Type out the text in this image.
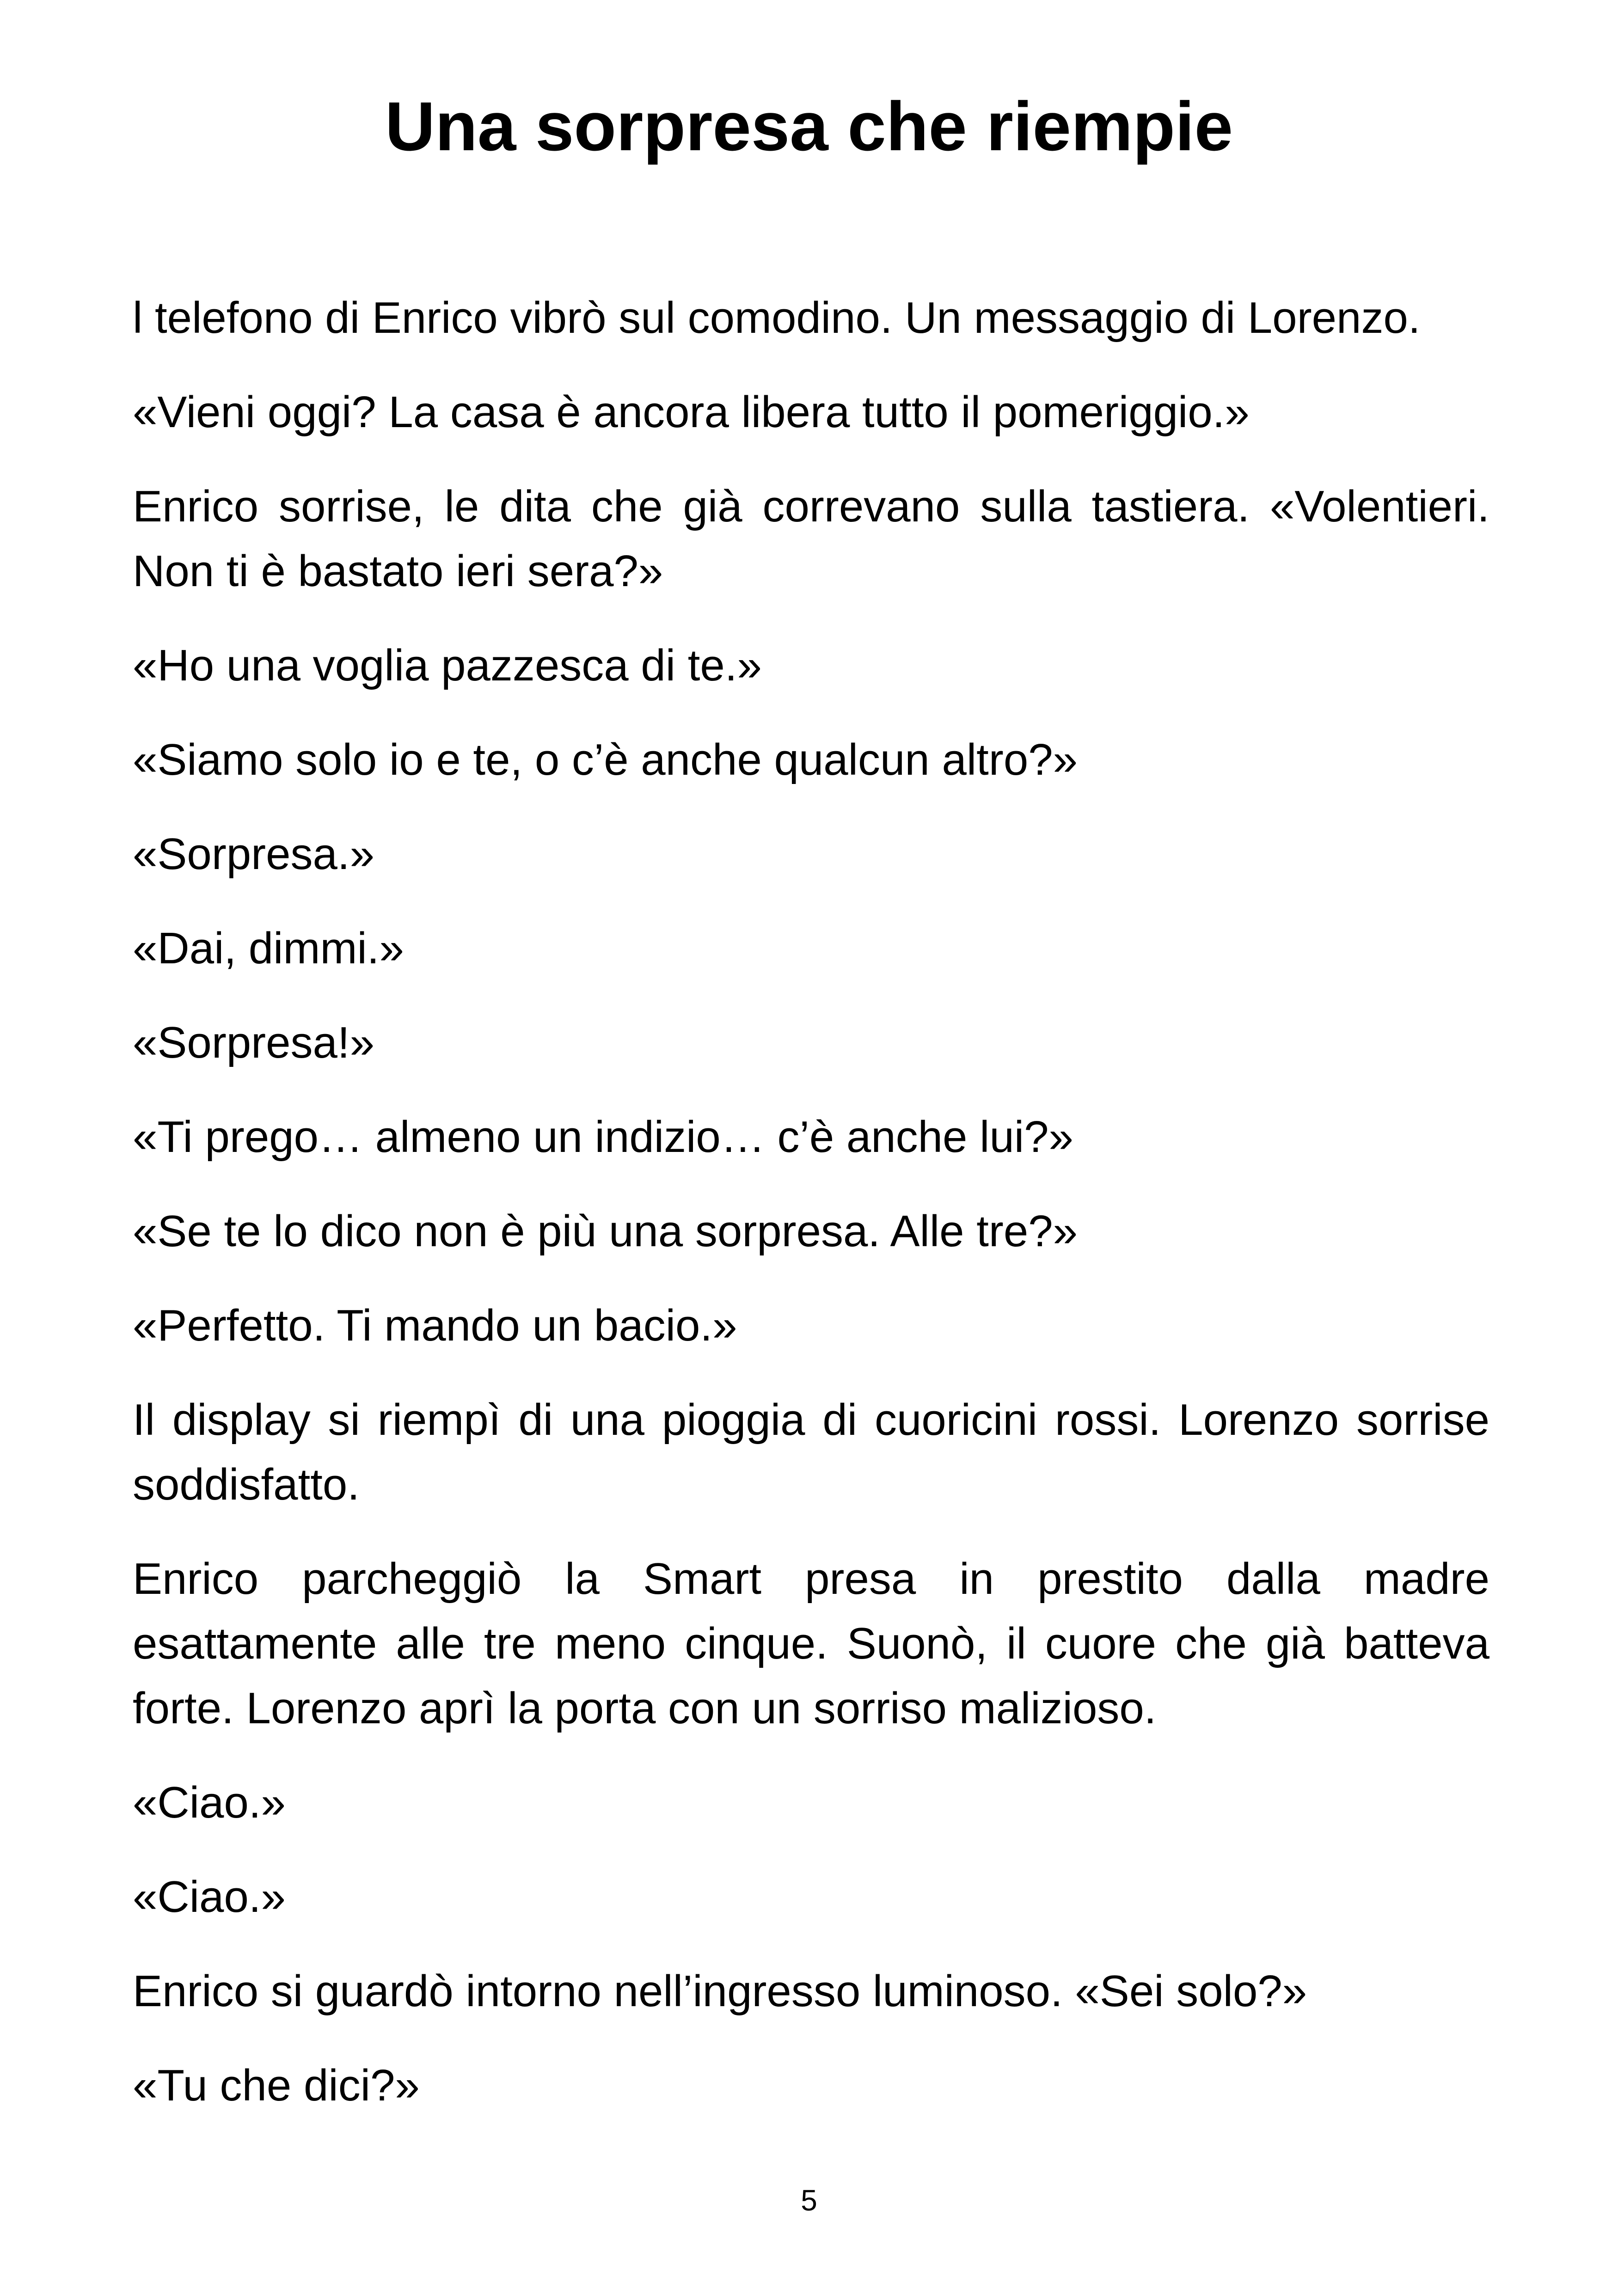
Una sorpresa che riempie

l telefono di Enrico vibrò sul comodino. Un messaggio di Lorenzo.

«Vieni oggi? La casa è ancora libera tutto il pomeriggio.»

Enrico sorrise, le dita che già correvano sulla tastiera. «Volentieri. Non ti è bastato ieri sera?»

«Ho una voglia pazzesca di te.»

«Siamo solo io e te, o c’è anche qualcun altro?»

«Sorpresa.»

«Dai, dimmi.»

«Sorpresa!»

«Ti prego… almeno un indizio… c’è anche lui?»

«Se te lo dico non è più una sorpresa. Alle tre?»

«Perfetto. Ti mando un bacio.»

Il display si riempì di una pioggia di cuoricini rossi. Lorenzo sorrise soddisfatto.

Enrico parcheggiò la Smart presa in prestito dalla madre esattamente alle tre meno cinque. Suonò, il cuore che già batteva forte. Lorenzo aprì la porta con un sorriso malizioso.

«Ciao.»

«Ciao.»

Enrico si guardò intorno nell’ingresso luminoso. «Sei solo?»

«Tu che dici?»

5
